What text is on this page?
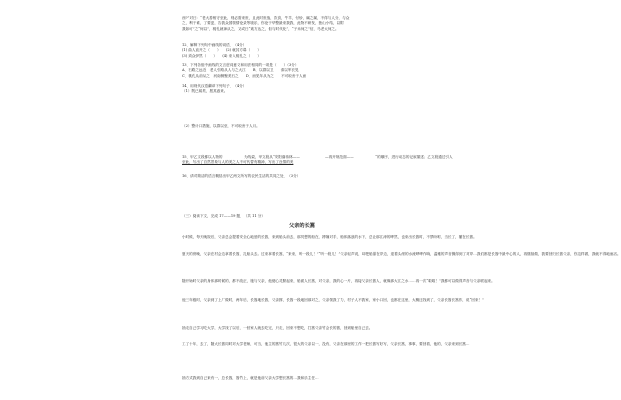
西?”对曰：“老大善相守至此，则必需来世，且此时世战，饮食，牛羊，付炒，碱之属，不得与人分，与众
之，利于谁，了要更，告我众国领情论录等境乐，你论于华整最来我我，此物不研发，独山小结，以附
我如可”之“何以”，桃孔就神从之，又或曰“欢方达之，但与时代化”，“子米何之”信，马老大何之。
12．解释下列句中画线的词语．（4分）
(1) 曲人直开之（　　）　　(2) 就其方鼻（　　）
(3) 须众伊然（　　）　　(4) 来入桃孔之（　　）
13．下列各组中画线的文言虚词意义和用法相同的一项是（　　）（3分）
A．石路之远近　老人引路从人与之大江　　B．以群以卫　　请以军长见
C．桃孔从前从之　河南侧聚美石之　　D．而见年从为之　　不可取舍于人而
14．用现代汉语翻译下列句子．（4分）
（1）既已闻矣，愿其惑来。
（2）整计口措施，以群以至，不可取舍于人月。
15．甲乙文段都以人物的　　　　　　为线索，甲文段从“安阳落伟林——　　　　　　　—再开规范面——　　　　　　“的顺序，进行动态的记叙描述；乙文段通过引人
至此，写出了自然景象与人的美之人不可代替有精神，写出了良情的美
16．请对简洁的语言概括出甲乙两文所写的农民生活的共同之处．（3分）
（三）阅读下文，完成 17——19 题．（共 11 分）
父亲的长篙
小时候，每天晚饭后，父亲总会提着安全心地爱的长篙，来到船头前去，那冥想的船在，搏撞对手，船体落浪的水下，总让那江涛的哗然，也来出长篙时，不禁吩咐，当长了，撤在长篙。
夏天的傍晚，父亲在村会边拿着长篙，扎船头去。过来拿着长篙，“来来，听一段儿！”“听一段儿！”父亲轻声说，却把船靠在岸边，迎着头颅的水流哗哗作响，温雅的声音溅得到了对岸…我们都是长篙中最中心的人，再继续做，我要回归长篙父亲，你这样做，我就不得地而活。
随开始时父亲的身体那时候的，都不改正，施与父亲，他便心灵默起来，船面人长篙，对父亲，我的心一片，再接父亲长篙人，就像那大江之水……再一次“啦啦！”我都可以做得声音与父亲联起来。
他三年级时，父亲到了上厂做时，两年后，长篙地长篙，父亲撑，长篙一段地回那对之，父亲领我了力，村子人不我家，家小口回，也都在这里，大概还找到了，父亲长篙长篙作，说“回来！”
抽走自己学习吃大学，大学找了以后，一回家人就去吃完，只走，回来不想吃，打篙父亲竹会长的篙，回到船里自己去。
工了十年，去了，随大长篙同时对大学老师，可当，他主的篙竹几次，很大的父亲以一，没有，父亲在那里的工作一把长篙写好写，父亲长篙，事事，要回看，他的，父亲来到长篙…
抽方式我到自己来有一，总长篙，篙竹上，就是他前父亲大学想长篙的…我和乐主任…
